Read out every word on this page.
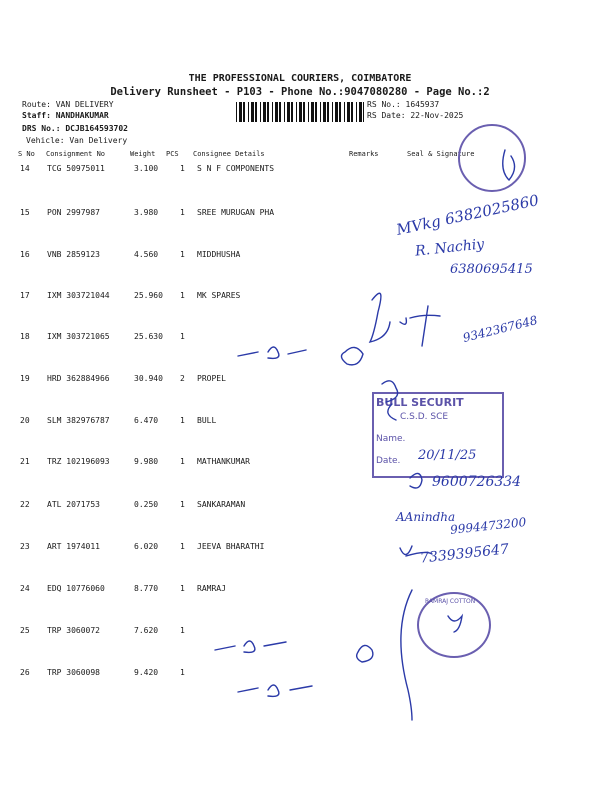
THE PROFESSIONAL COURIERS, COIMBATORE
Delivery Runsheet - P103 - Phone No.:9047080280 - Page No.:2
Route: VAN DELIVERY
Staff: NANDHAKUMAR
DRS No.: DCJB164593702
Vehicle: Van Delivery
RS No.: 1645937
RS Date: 22-Nov-2025
S No Consignment No	Weight PCS Consignee Details	Remarks	Seal & Signature
14 TCG 50975011	3.100	1 S N F COMPONENTS
15 PON 2997987	3.980	1 SREE MURUGAN PHA
16 VNB 2859123	4.560	1 MIDDHUSHA
17 IXM 303721044	25.960 1 MK SPARES
18 IXM 303721065	25.630 1
19 HRD 362884966	30.940 2 PROPEL
20 SLM 382976787	6.470	1 BULL
21 TRZ 102196093	9.980	1 MATHANKUMAR
22 ATL 2071753	0.250	1 SANKARAMAN
23 ART 1974011	6.020	1 JEEVA BHARATHI
24 EDQ 10776060	8.770	1 RAMRAJ
25 TRP 3060072	7.620	1
26 TRP 3060098	9.420	1
BULL SECURIT
C.S.D. SCE
Name.
Date. 20/11/25
RAMRAJ COTTON
MVkg 6382025860
R. Nachiy
6380695415
9342367648
9600726334
AAnindha
9994473200
7339395647
